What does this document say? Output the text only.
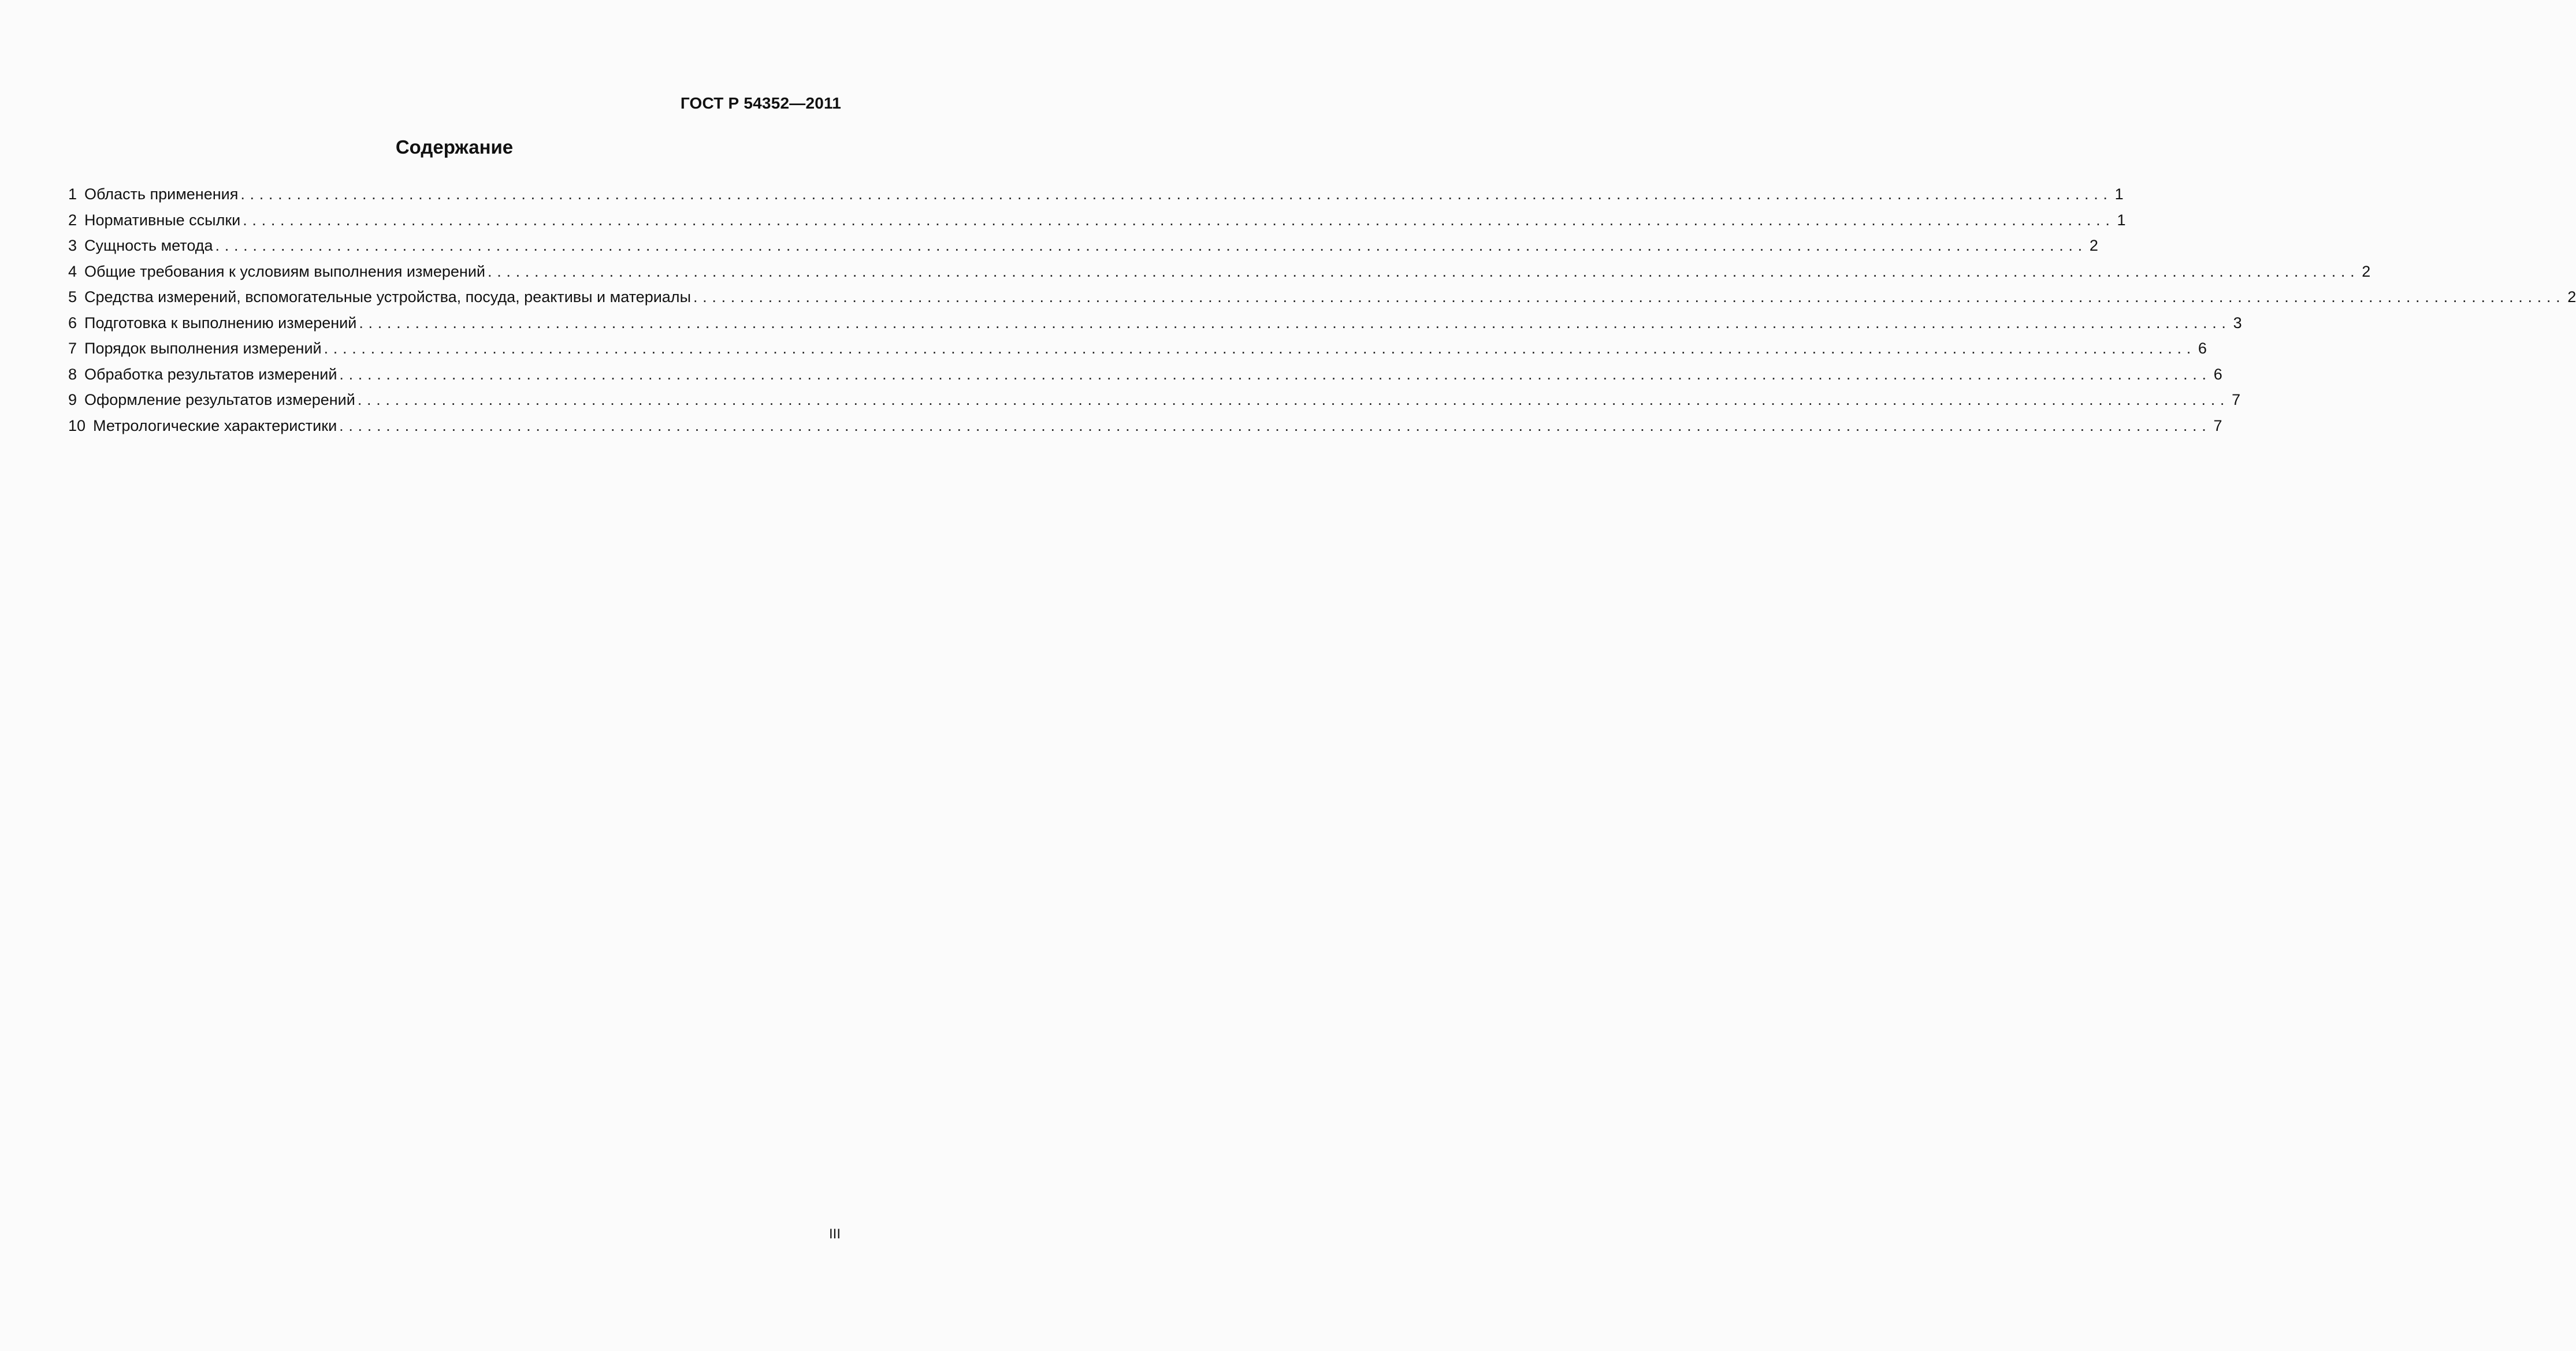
ГОСТ Р 54352—2011
Содержание
1 Область применения ........................................................................................................................................................................................................ 1
2 Нормативные ссылки ........................................................................................................................................................................................................ 1
3 Сущность метода ........................................................................................................................................................................................................ 2
4 Общие требования к условиям выполнения измерений ........................................................................................................................................................................................................ 2
5 Средства измерений, вспомогательные устройства, посуда, реактивы и материалы ........................................................................................................................................................................................................ 2
6 Подготовка к выполнению измерений ........................................................................................................................................................................................................ 3
7 Порядок выполнения измерений ........................................................................................................................................................................................................ 6
8 Обработка результатов измерений ........................................................................................................................................................................................................ 6
9 Оформление результатов измерений ........................................................................................................................................................................................................ 7
10 Метрологические характеристики ........................................................................................................................................................................................................ 7
III
